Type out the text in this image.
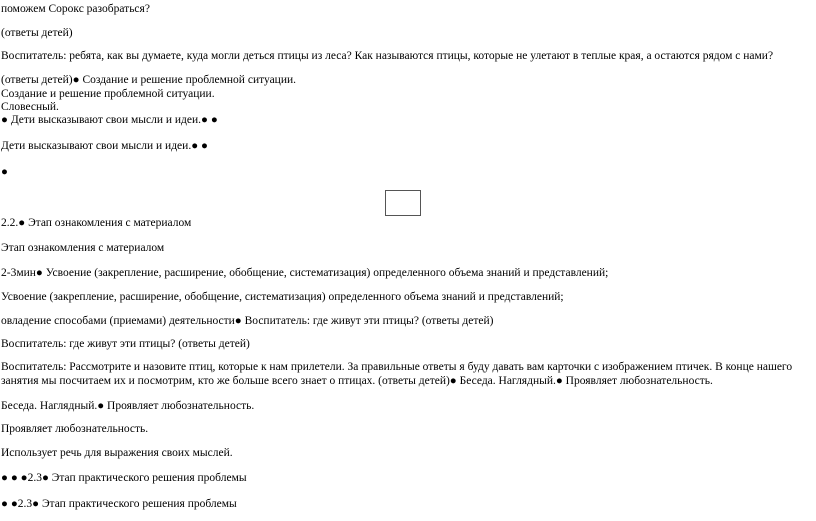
поможем Сорокс разобраться?
(ответы детей)
Воспитатель: ребята, как вы думаете, куда могли деться птицы из леса? Как называются птицы, которые не улетают в теплые края, а остаются рядом с нами?
(ответы детей)● Создание и решение проблемной ситуации.
Создание и решение проблемной ситуации.
Словесный.
● Дети высказывают свои мысли и идеи.● ●
Дети высказывают свои мысли и идеи.● ●
●
2.2.● Этап ознакомления с материалом
Этап ознакомления с материалом
2-3мин● Усвоение (закрепление, расширение, обобщение, систематизация) определенного объема знаний и представлений;
Усвоение (закрепление, расширение, обобщение, систематизация) определенного объема знаний и представлений;
овладение способами (приемами) деятельности● Воспитатель: где живут эти птицы? (ответы детей)
Воспитатель: где живут эти птицы? (ответы детей)
Воспитатель: Рассмотрите и назовите птиц, которые к нам прилетели. За правильные ответы я буду давать вам карточки с изображением птичек. В конце нашего занятия мы посчитаем их и посмотрим, кто же больше всего знает о птицах. (ответы детей)● Беседа. Наглядный.● Проявляет любознательность.
Беседа. Наглядный.● Проявляет любознательность.
Проявляет любознательность.
Использует речь для выражения своих мыслей.
● ● ●2.3● Этап практического решения проблемы
● ●2.3● Этап практического решения проблемы
